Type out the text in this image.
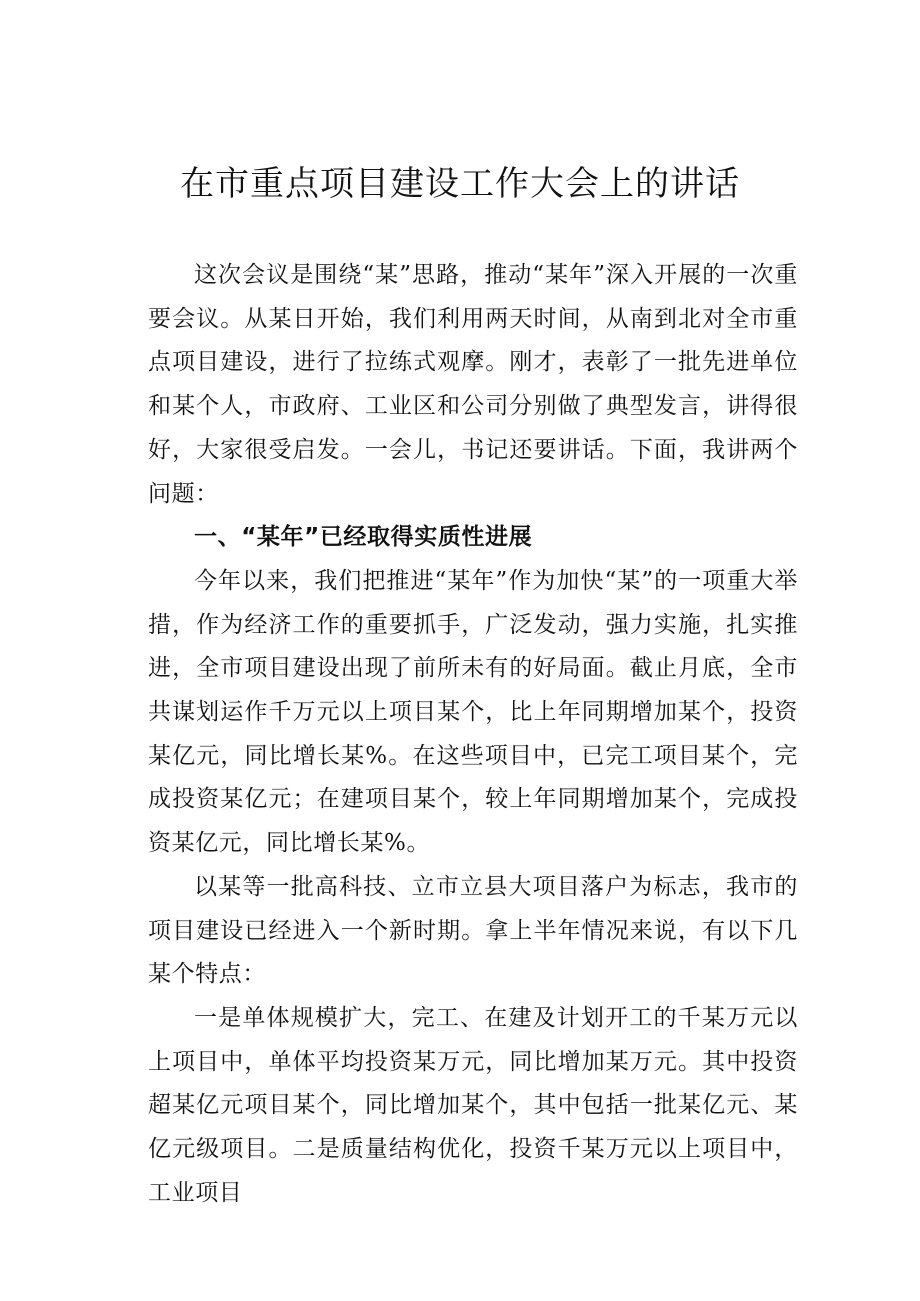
在市重点项目建设工作大会上的讲话

这次会议是围绕“某”思路，推动“某年”深入开展的一次重要会议。从某日开始，我们利用两天时间，从南到北对全市重点项目建设，进行了拉练式观摩。刚才，表彰了一批先进单位和某个人，市政府、工业区和公司分别做了典型发言，讲得很好，大家很受启发。一会儿，书记还要讲话。下面，我讲两个问题：

一、“某年”已经取得实质性进展

今年以来，我们把推进“某年”作为加快“某”的一项重大举措，作为经济工作的重要抓手，广泛发动，强力实施，扎实推进，全市项目建设出现了前所未有的好局面。截止月底，全市共谋划运作千万元以上项目某个，比上年同期增加某个，投资某亿元，同比增长某%。在这些项目中，已完工项目某个，完成投资某亿元；在建项目某个，较上年同期增加某个，完成投资某亿元，同比增长某%。

以某等一批高科技、立市立县大项目落户为标志，我市的项目建设已经进入一个新时期。拿上半年情况来说，有以下几某个特点：

一是单体规模扩大，完工、在建及计划开工的千某万元以上项目中，单体平均投资某万元，同比增加某万元。其中投资超某亿元项目某个，同比增加某个，其中包括一批某亿元、某亿元级项目。二是质量结构优化，投资千某万元以上项目中，工业项目
